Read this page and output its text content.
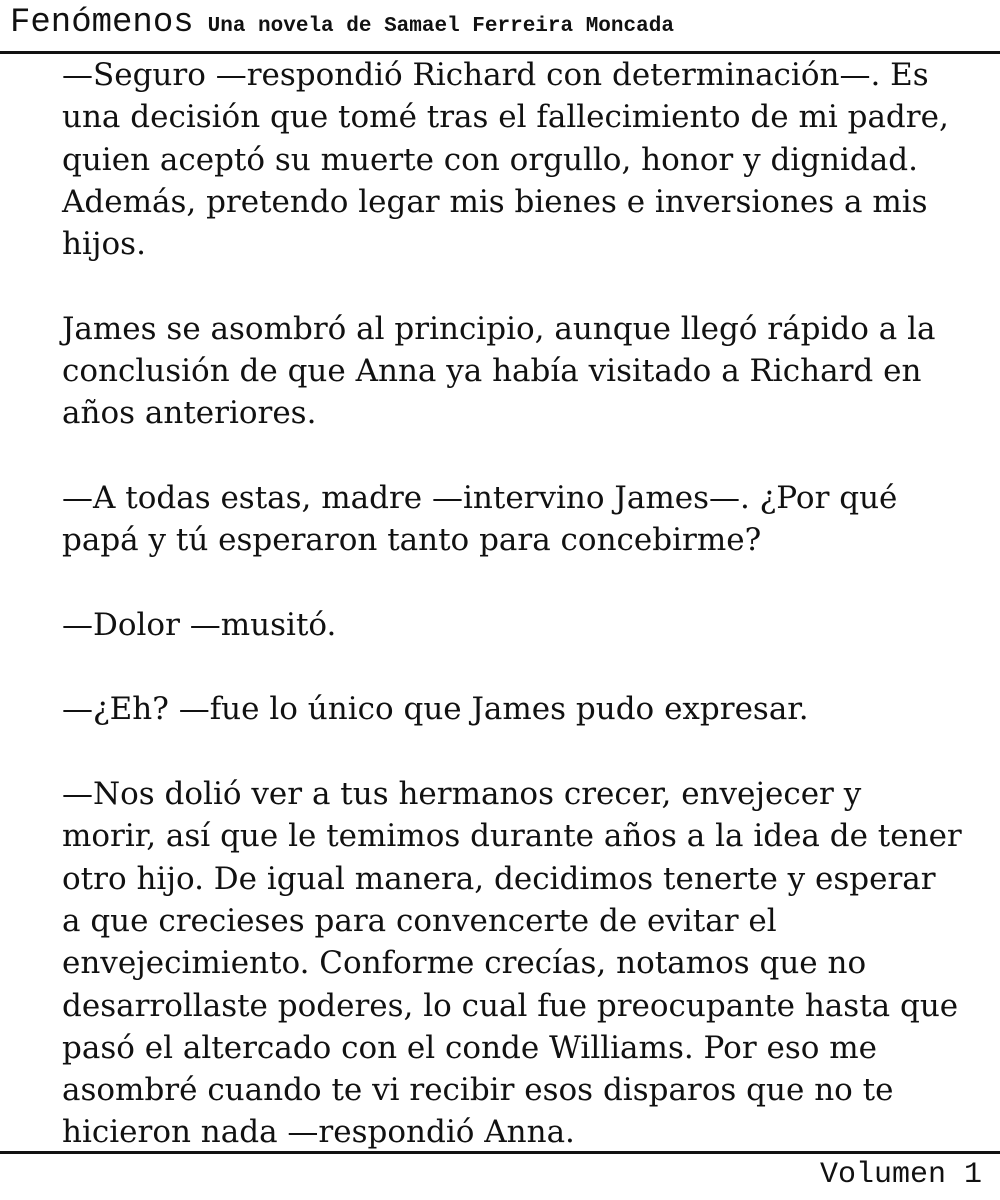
Fenómenos Una novela de Samael Ferreira Moncada

—Seguro —respondió Richard con determinación—. Es una decisión que tomé tras el fallecimiento de mi padre, quien aceptó su muerte con orgullo, honor y dignidad. Además, pretendo legar mis bienes e inversiones a mis hijos.

James se asombró al principio, aunque llegó rápido a la conclusión de que Anna ya había visitado a Richard en años anteriores.

—A todas estas, madre —intervino James—. ¿Por qué papá y tú esperaron tanto para concebirme?

—Dolor —musitó.

—¿Eh? —fue lo único que James pudo expresar.

—Nos dolió ver a tus hermanos crecer, envejecer y morir, así que le temimos durante años a la idea de tener otro hijo. De igual manera, decidimos tenerte y esperar a que crecieses para convencerte de evitar el envejecimiento. Conforme crecías, notamos que no desarrollaste poderes, lo cual fue preocupante hasta que pasó el altercado con el conde Williams. Por eso me asombré cuando te vi recibir esos disparos que no te hicieron nada —respondió Anna.

Volumen 1
